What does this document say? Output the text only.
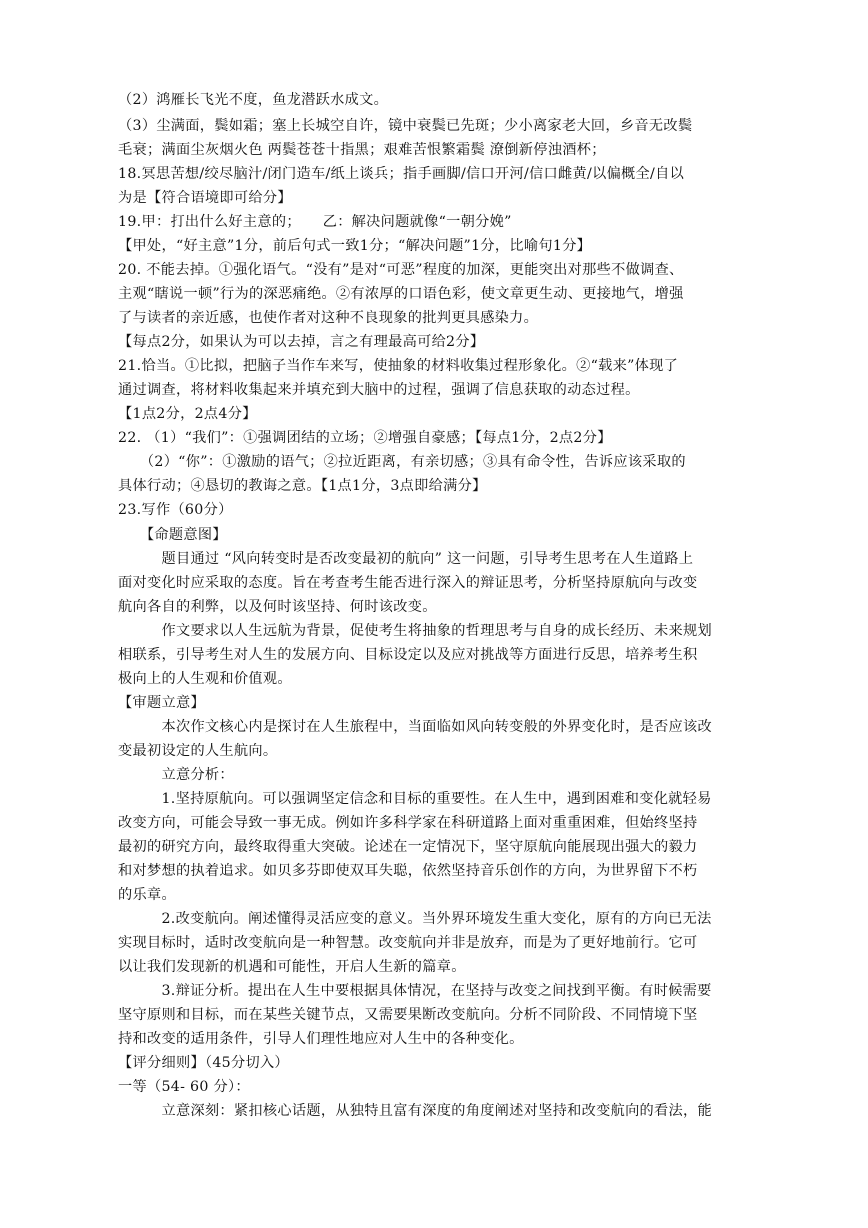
（2）鸿雁长飞光不度，鱼龙潜跃水成文。
（3）尘满面，鬓如霜；塞上长城空自许，镜中衰鬓已先斑；少小离家老大回，乡音无改鬓
毛衰；满面尘灰烟火色 两鬓苍苍十指黑；艰难苦恨繁霜鬓 潦倒新停浊酒杯；
18.冥思苦想/绞尽脑汁/闭门造车/纸上谈兵；指手画脚/信口开河/信口雌黄/以偏概全/自以
为是【符合语境即可给分】
19.甲：打出什么好主意的；　　乙：解决问题就像“一朝分娩”
【甲处，“好主意”1分，前后句式一致1分；“解决问题”1分，比喻句1分】
20. 不能去掉。①强化语气。“没有”是对“可恶”程度的加深，更能突出对那些不做调查、
主观“瞎说一顿”行为的深恶痛绝。②有浓厚的口语色彩，使文章更生动、更接地气，增强
了与读者的亲近感，也使作者对这种不良现象的批判更具感染力。
【每点2分，如果认为可以去掉，言之有理最高可给2分】
21.恰当。①比拟，把脑子当作车来写，使抽象的材料收集过程形象化。②“载来”体现了
通过调查，将材料收集起来并填充到大脑中的过程，强调了信息获取的动态过程。
【1点2分，2点4分】
22. （1）“我们”：①强调团结的立场；②增强自豪感；【每点1分，2点2分】
　　（2）“你”：①激励的语气；②拉近距离，有亲切感；③具有命令性，告诉应该采取的
具体行动；④恳切的教诲之意。【1点1分，3点即给满分】
23.写作（60分）
　　【命题意图】
　　　题目通过 “风向转变时是否改变最初的航向” 这一问题，引导考生思考在人生道路上
面对变化时应采取的态度。旨在考查考生能否进行深入的辩证思考，分析坚持原航向与改变
航向各自的利弊，以及何时该坚持、何时该改变。
　　　作文要求以人生远航为背景，促使考生将抽象的哲理思考与自身的成长经历、未来规划
相联系，引导考生对人生的发展方向、目标设定以及应对挑战等方面进行反思，培养考生积
极向上的人生观和价值观。
【审题立意】
　　　本次作文核心内是探讨在人生旅程中，当面临如风向转变般的外界变化时，是否应该改
变最初设定的人生航向。
　　　立意分析：
　　　1.坚持原航向。可以强调坚定信念和目标的重要性。在人生中，遇到困难和变化就轻易
改变方向，可能会导致一事无成。例如许多科学家在科研道路上面对重重困难，但始终坚持
最初的研究方向，最终取得重大突破。论述在一定情况下，坚守原航向能展现出强大的毅力
和对梦想的执着追求。如贝多芬即使双耳失聪，依然坚持音乐创作的方向，为世界留下不朽
的乐章。
　　　2.改变航向。阐述懂得灵活应变的意义。当外界环境发生重大变化，原有的方向已无法
实现目标时，适时改变航向是一种智慧。改变航向并非是放弃，而是为了更好地前行。它可
以让我们发现新的机遇和可能性，开启人生新的篇章。
　　　3.辩证分析。提出在人生中要根据具体情况，在坚持与改变之间找到平衡。有时候需要
坚守原则和目标，而在某些关键节点，又需要果断改变航向。分析不同阶段、不同情境下坚
持和改变的适用条件，引导人们理性地应对人生中的各种变化。
【评分细则】（45分切入）
一等（54- 60 分）：
　　　立意深刻：紧扣核心话题，从独特且富有深度的角度阐述对坚持和改变航向的看法，能
